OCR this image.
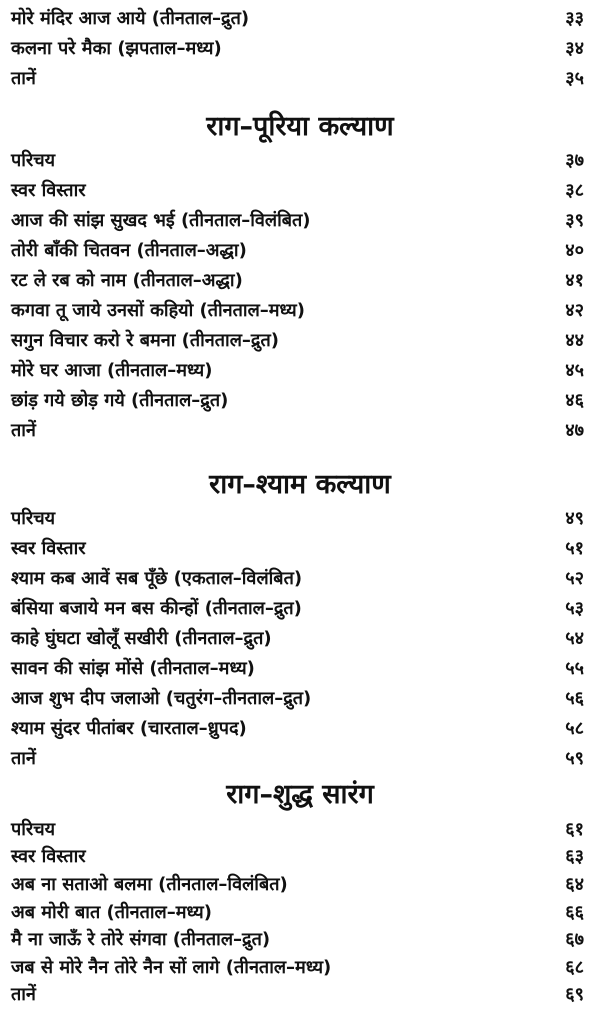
मोरे मंदिर आज आये (तीनताल–द्रुत)	३३
कलना परे मैका (झपताल–मध्य)	३४
तानें	३५
राग–पूरिया कल्याण
परिचय	३७
स्वर विस्तार	३८
आज की सांझ सुखद भई (तीनताल–विलंबित)	३९
तोरी बाँकी चितवन (तीनताल–अद्धा)	४०
रट ले रब को नाम (तीनताल–अद्धा)	४१
कगवा तू जाये उनसों कहियो (तीनताल–मध्य)	४२
सगुन विचार करो रे बमना (तीनताल–द्रुत)	४४
मोरे घर आजा (तीनताल–मध्य)	४५
छांड़ गये छोड़ गये (तीनताल–द्रुत)	४६
तानें	४७
राग–श्याम कल्याण
परिचय	४९
स्वर विस्तार	५१
श्याम कब आवें सब पूँछे (एकताल–विलंबित)	५२
बंसिया बजाये मन बस कीन्हों (तीनताल–द्रुत)	५३
काहे घुंघटा खोलूँ सखीरी (तीनताल–द्रुत)	५४
सावन की सांझ मोंसे (तीनताल–मध्य)	५५
आज शुभ दीप जलाओ (चतुरंग–तीनताल–द्रुत)	५६
श्याम सुंदर पीतांबर (चारताल–ध्रुपद)	५८
तानें	५९
राग–शुद्ध सारंग
परिचय	६१
स्वर विस्तार	६३
अब ना सताओ बलमा (तीनताल–विलंबित)	६४
अब मोरी बात (तीनताल–मध्य)	६६
मै ना जाऊँ रे तोरे संगवा (तीनताल–द्रुत)	६७
जब से मोरे नैन तोरे नैन सों लागे (तीनताल–मध्य)	६८
तानें	६९
